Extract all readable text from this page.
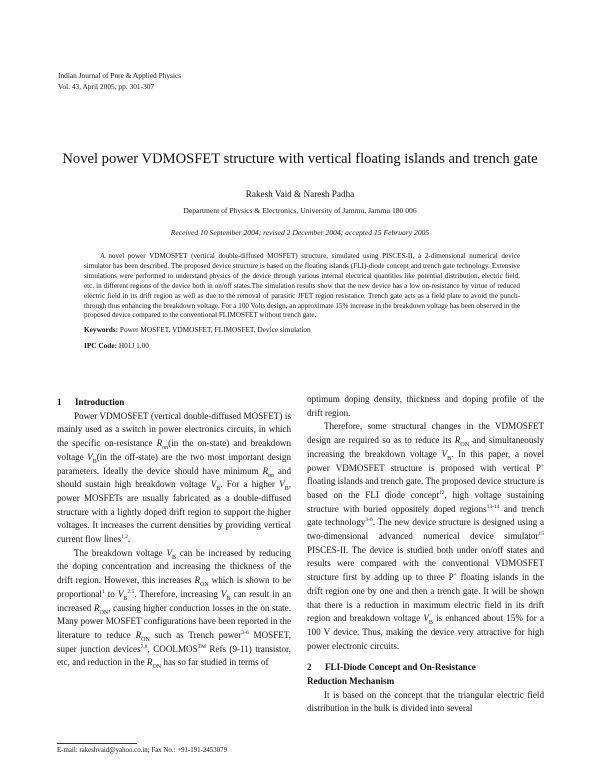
Indian Journal of Pure & Applied Physics
Vol. 43, April 2005, pp. 301-307
Novel power VDMOSFET structure with vertical floating islands and trench gate
Rakesh Vaid & Naresh Padha
Department of Physics & Electronics, University of Jammu, Jammu 180 006
Received 10 September 2004; revised 2 December 2004; accepted 15 February 2005
A novel power VDMOSFET (vertical double-diffused MOSFET) structure, simulated using PISCES-II, a 2-dimensional numerical device simulator has been described. The proposed device structure is based on the floating islands (FLI)-diode concept and trench gate technology. Extensive simulations were performed to understand physics of the device through various internal electrical quantities like potential distribution, electric field, etc. in different regions of the device both in on/off states.The simulation results show that the new device has a low on-resistance by virtue of reduced electric field in its drift region as well as due to the removal of parasitic JFET region resistance. Trench gate acts as a field plate to avoid the punch-through thus enhancing the breakdown voltage. For a 100 Volts design, an approximate 15% increase in the breakdown voltage has been observed in the proposed device compared to the conventional FLIMOSFET without trench gate.
Keywords: Power MOSFET, VDMOSFET, FLIMOSFET, Device simulation
IPC Code: H01J 1.00

1 Introduction

Power VDMOSFET (vertical double-diffused MOSFET) is mainly used as a switch in power electronics circuits, in which the specific on-resistance $R_{on}(in$ the on-state) and breakdown voltage $V_B(in$ the off-state) are the two most important design parameters. Ideally the device should have minimum $R_{on}$ and should sustain high breakdown voltage $V_B$. For a higher $V_B$, power MOSFETs are usually fabricated as a double-diffused structure with a lightly doped drift region to support the higher voltages. It increases the current densities by providing vertical current flow lines$^{1,2}$.

The breakdown voltage $V_B$ can be increased by reducing the doping concentration and increasing the thickness of the drift region. However, this increases $R_{ON}$ which is shown to be proportional$^1$ to $V_B^{2.5}$. Therefore, increasing $V_B$ can result in an increased $R_{ON}$, causing higher conduction losses in the on state. Many power MOSFET configurations have been reported in the literature to reduce $R_{ON}$ such as Trench power$^{3-6}$ MOSFET, super junction devices$^{7,8}$, COOLMOS™ Refs (9-11) transistor, etc, and reduction in the $R_{ON}$ has so far studied in terms of

optimum doping density, thickness and doping profile of the drift region.

Therefore, some structural changes in the VDMOSFET design are required so as to reduce its $R_{ON}$ and simultaneously increasing the breakdown voltage $V_B$. In this paper, a novel power VDMOSFET structure is proposed with vertical P+ floating islands and trench gate. The proposed device structure is based on the FLI diode concept$^{12}$, high voltage sustaining structure with buried oppositely doped regions$^{13-14}$ and trench gate technology$^{3-6}$. The new device structure is designed using a two-dimensional advanced numerical device simulator$^{15}$ PISCES-II. The device is studied both under on/off states and results were compared with the conventional VDMOSFET structure first by adding up to three P+ floating islands in the drift region one by one and then a trench gate. It will be shown that there is a reduction in maximum electric field in its drift region and breakdown voltage $V_B$ is enhanced about 15% for a 100 V device. Thus, making the device very attractive for high power electronic circuits.

2 FLI-Diode Concept and On-Resistance
Reduction Mechanism

It is based on the concept that the triangular electric field distribution in the bulk is divided into several

E-mail: rakeshvaid@yahoo.co.in; Fax No.: +91-191-2453079
